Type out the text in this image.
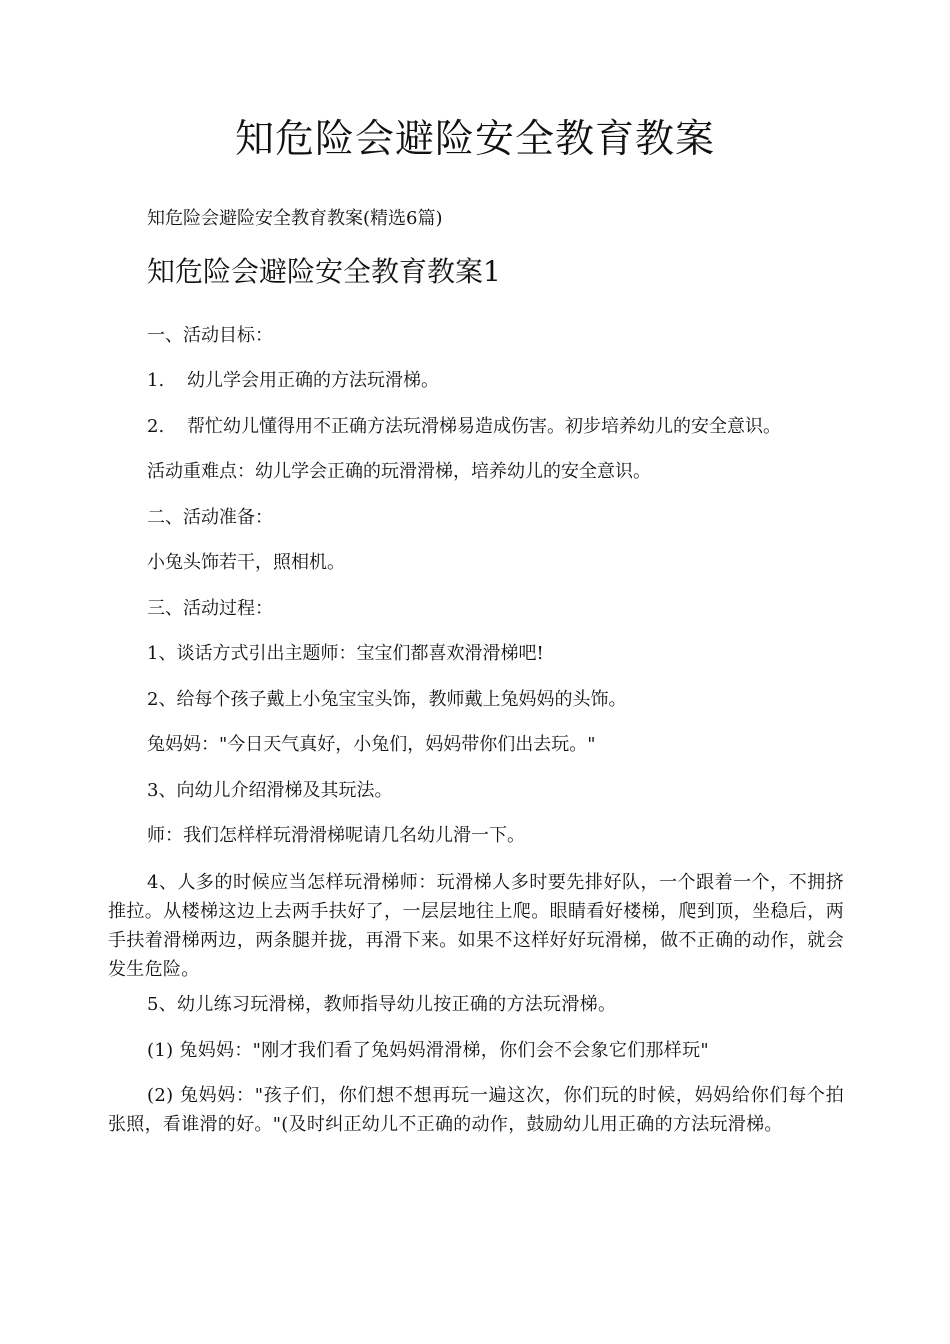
知危险会避险安全教育教案

知危险会避险安全教育教案(精选6篇)

知危险会避险安全教育教案1

一、活动目标：

1. 幼儿学会用正确的方法玩滑梯。

2. 帮忙幼儿懂得用不正确方法玩滑梯易造成伤害。初步培养幼儿的安全意识。

活动重难点：幼儿学会正确的玩滑滑梯，培养幼儿的安全意识。

二、活动准备：

小兔头饰若干，照相机。

三、活动过程：

1、谈话方式引出主题师：宝宝们都喜欢滑滑梯吧!

2、给每个孩子戴上小兔宝宝头饰，教师戴上兔妈妈的头饰。

兔妈妈："今日天气真好，小兔们，妈妈带你们出去玩。"

3、向幼儿介绍滑梯及其玩法。

师：我们怎样样玩滑滑梯呢请几名幼儿滑一下。

4、人多的时候应当怎样玩滑梯师：玩滑梯人多时要先排好队，一个跟着一个，不拥挤推拉。从楼梯这边上去两手扶好了，一层层地往上爬。眼睛看好楼梯，爬到顶，坐稳后，两手扶着滑梯两边，两条腿并拢，再滑下来。如果不这样好好玩滑梯，做不正确的动作，就会发生危险。

5、幼儿练习玩滑梯，教师指导幼儿按正确的方法玩滑梯。

(1) 兔妈妈："刚才我们看了兔妈妈滑滑梯，你们会不会象它们那样玩"

(2) 兔妈妈："孩子们，你们想不想再玩一遍这次，你们玩的时候，妈妈给你们每个拍张照，看谁滑的好。"(及时纠正幼儿不正确的动作，鼓励幼儿用正确的方法玩滑梯。
